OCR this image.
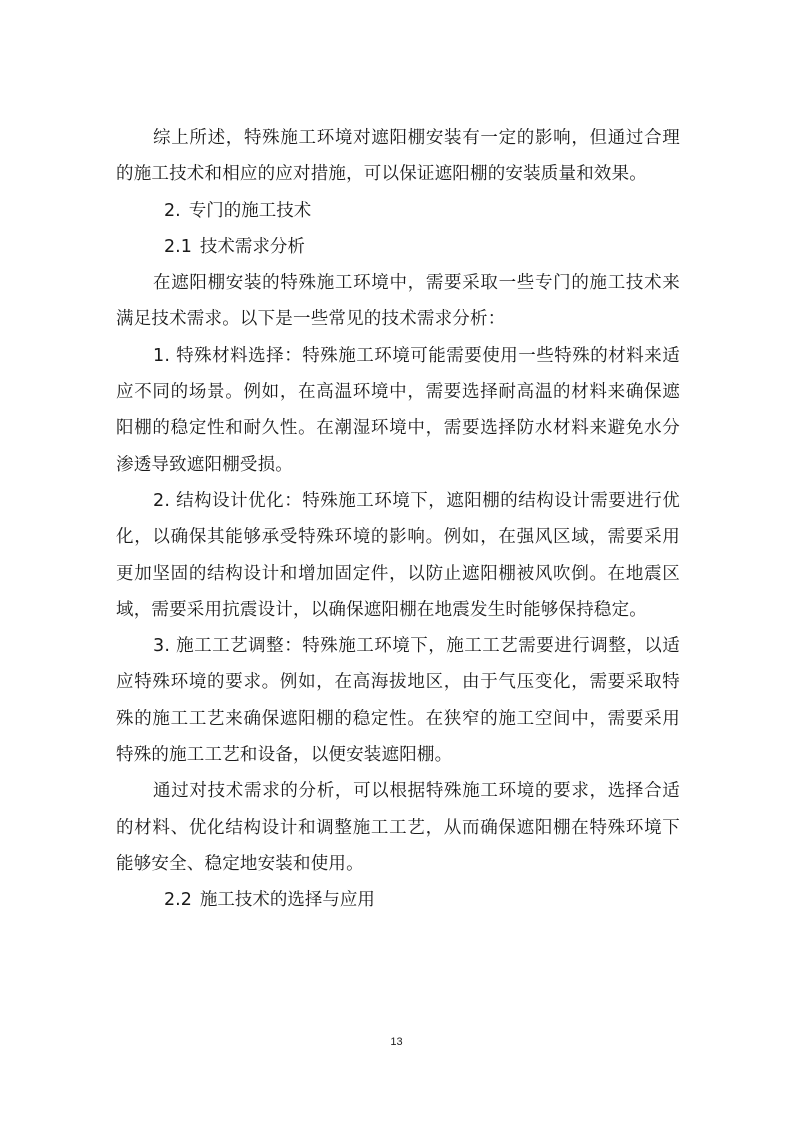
综上所述，特殊施工环境对遮阳棚安装有一定的影响，但通过合理的施工技术和相应的应对措施，可以保证遮阳棚的安装质量和效果。

2. 专门的施工技术
2.1 技术需求分析

在遮阳棚安装的特殊施工环境中，需要采取一些专门的施工技术来满足技术需求。以下是一些常见的技术需求分析：

1. 特殊材料选择：特殊施工环境可能需要使用一些特殊的材料来适应不同的场景。例如，在高温环境中，需要选择耐高温的材料来确保遮阳棚的稳定性和耐久性。在潮湿环境中，需要选择防水材料来避免水分渗透导致遮阳棚受损。

2. 结构设计优化：特殊施工环境下，遮阳棚的结构设计需要进行优化，以确保其能够承受特殊环境的影响。例如，在强风区域，需要采用更加坚固的结构设计和增加固定件，以防止遮阳棚被风吹倒。在地震区域，需要采用抗震设计，以确保遮阳棚在地震发生时能够保持稳定。

3. 施工工艺调整：特殊施工环境下，施工工艺需要进行调整，以适应特殊环境的要求。例如，在高海拔地区，由于气压变化，需要采取特殊的施工工艺来确保遮阳棚的稳定性。在狭窄的施工空间中，需要采用特殊的施工工艺和设备，以便安装遮阳棚。

通过对技术需求的分析，可以根据特殊施工环境的要求，选择合适的材料、优化结构设计和调整施工工艺，从而确保遮阳棚在特殊环境下能够安全、稳定地安装和使用。

2.2 施工技术的选择与应用
13
